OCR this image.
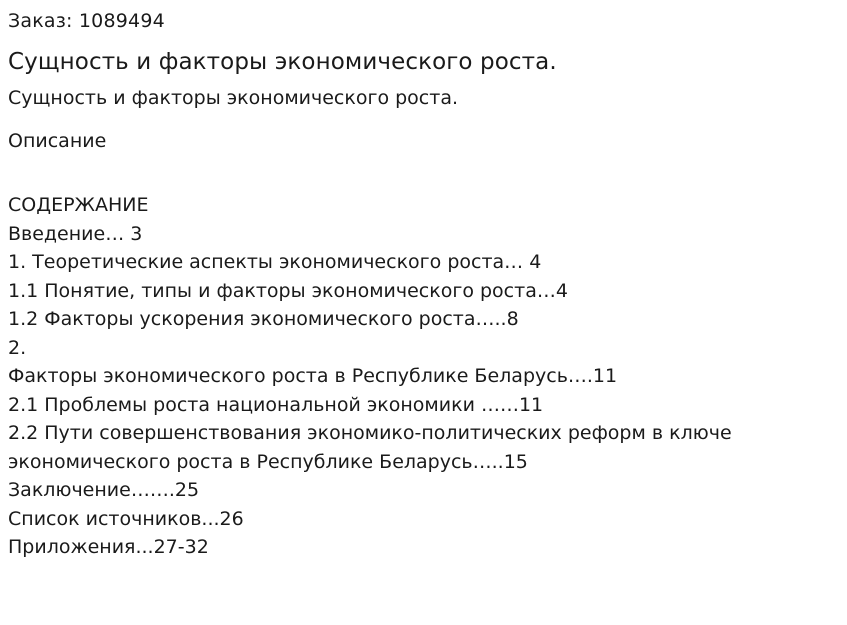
Заказ: 1089494

Сущность и факторы экономического роста.

Сущность и факторы экономического роста.

Описание
СОДЕРЖАНИЕ
Введение… 3
1. Теоретические аспекты экономического роста… 4
1.1 Понятие, типы и факторы экономического роста…4
1.2 Факторы ускорения экономического роста…..8
2.
Факторы экономического роста в Республике Беларусь….11
2.1 Проблемы роста национальной экономики ……11
2.2 Пути совершенствования экономико-политических реформ в ключе
экономического роста в Республике Беларусь…..15
Заключение…….25
Список источников...26
Приложения...27-32
